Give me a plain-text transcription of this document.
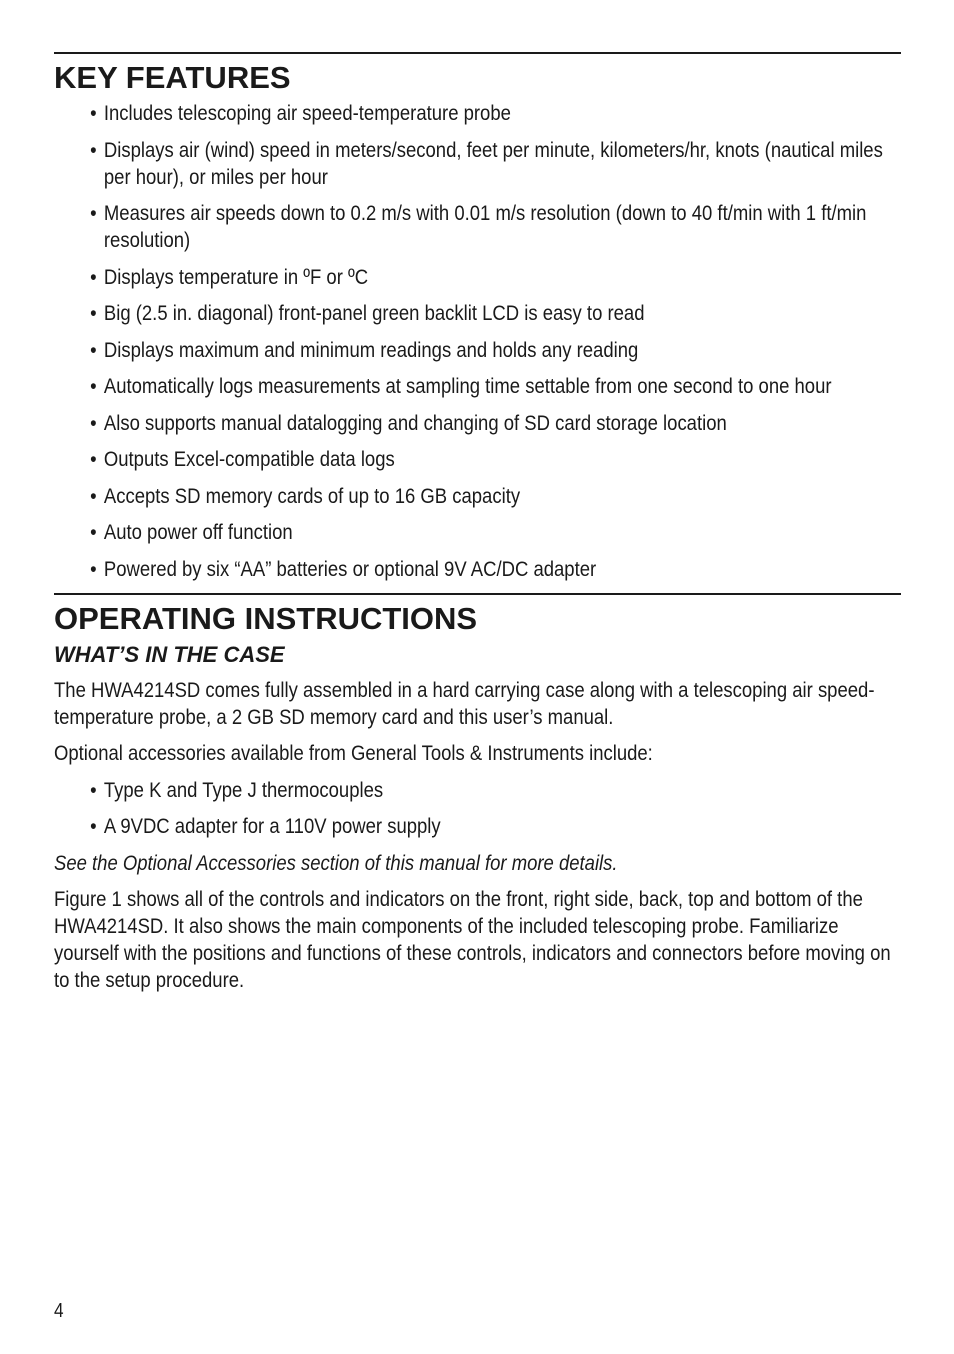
KEY FEATURES
• Includes telescoping air speed-temperature probe
• Displays air (wind) speed in meters/second, feet per minute, kilometers/hr, knots (nautical miles per hour), or miles per hour
• Measures air speeds down to 0.2 m/s with 0.01 m/s resolution (down to 40 ft/min with 1 ft/min resolution)
• Displays temperature in ºF or ºC
• Big (2.5 in. diagonal) front-panel green backlit LCD is easy to read
• Displays maximum and minimum readings and holds any reading
• Automatically logs measurements at sampling time settable from one second to one hour
• Also supports manual datalogging and changing of SD card storage location
• Outputs Excel-compatible data logs
• Accepts SD memory cards of up to 16 GB capacity
• Auto power off function
• Powered by six “AA” batteries or optional 9V AC/DC adapter
OPERATING INSTRUCTIONS
WHAT’S IN THE CASE

The HWA4214SD comes fully assembled in a hard carrying case along with a telescoping air speed-temperature probe, a 2 GB SD memory card and this user’s manual.

Optional accessories available from General Tools & Instruments include:

• Type K and Type J thermocouples
• A 9VDC adapter for a 110V power supply

See the Optional Accessories section of this manual for more details.

Figure 1 shows all of the controls and indicators on the front, right side, back, top and bottom of the HWA4214SD. It also shows the main components of the included telescoping probe. Familiarize yourself with the positions and functions of these controls, indicators and connectors before moving on to the setup procedure.

4
